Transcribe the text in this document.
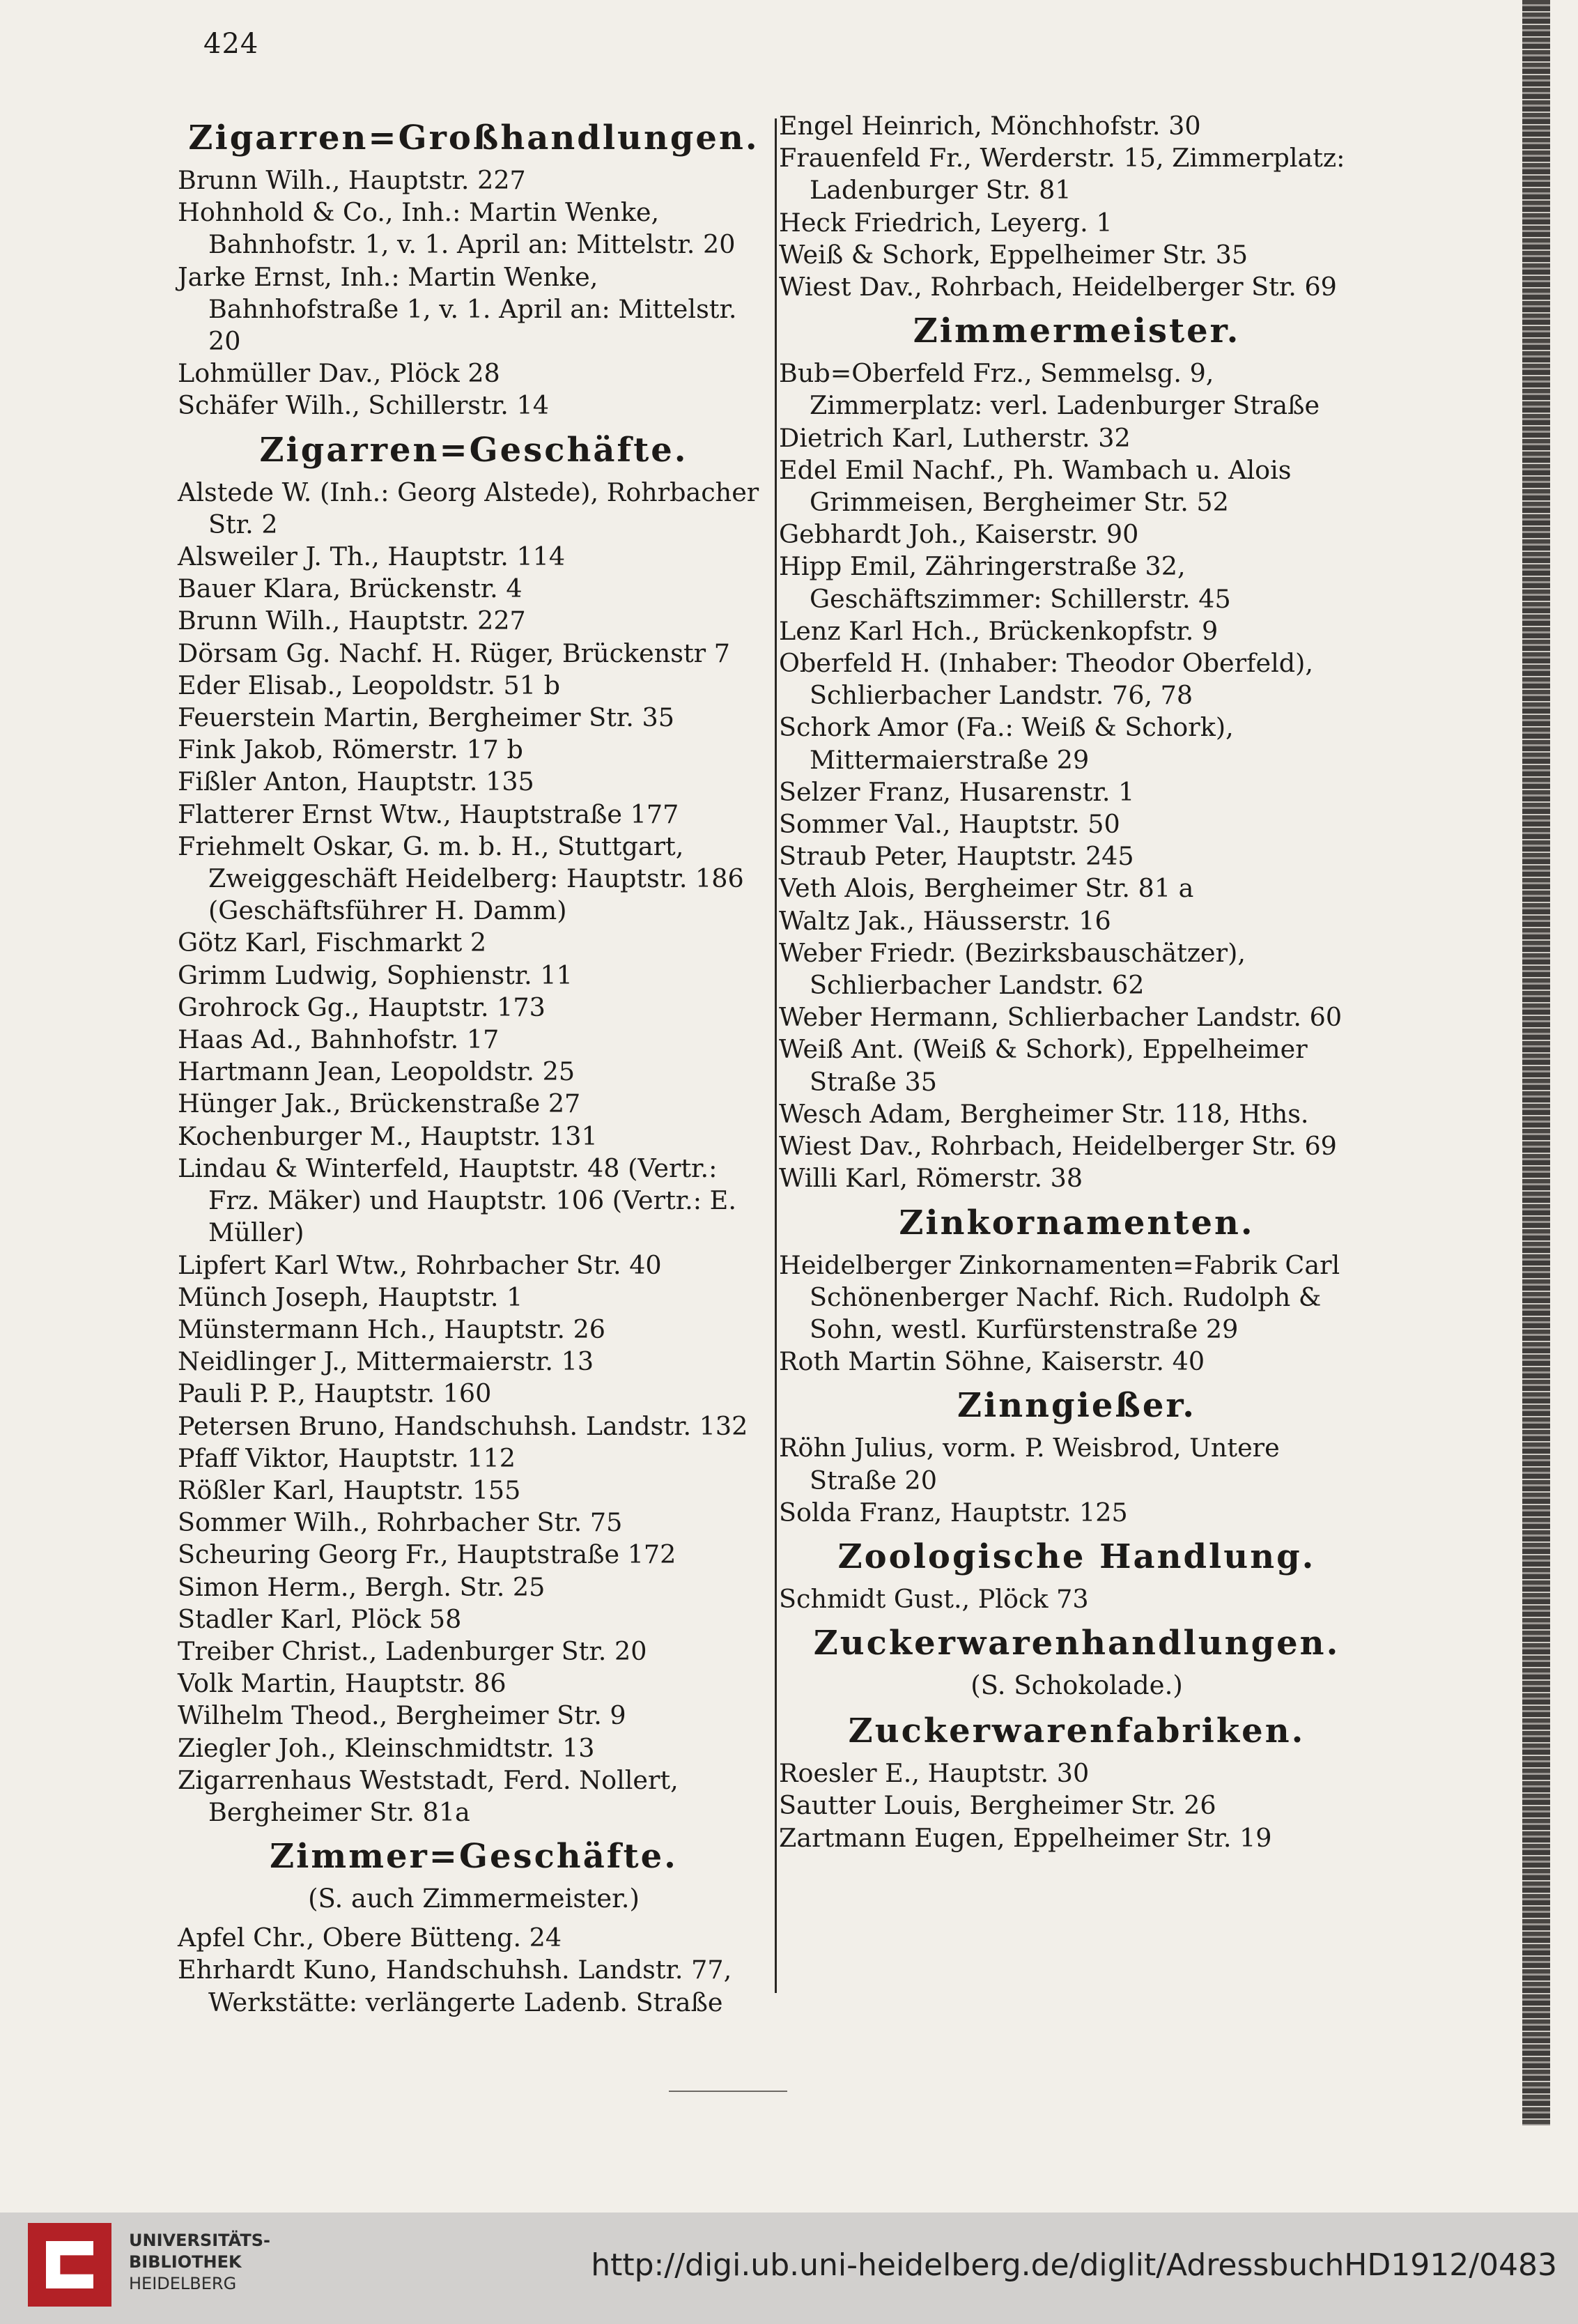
424
Zigarren=Großhandlungen.
Brunn Wilh., Hauptstr. 227
Hohnhold & Co., Inh.: Martin Wenke, Bahnhofstr. 1, v. 1. April an: Mittelstr. 20
Jarke Ernst, Inh.: Martin Wenke, Bahnhofstraße 1, v. 1. April an: Mittelstr. 20
Lohmüller Dav., Plöck 28
Schäfer Wilh., Schillerstr. 14
Zigarren=Geschäfte.
Alstede W. (Inh.: Georg Alstede), Rohrbacher Str. 2
Alsweiler J. Th., Hauptstr. 114
Bauer Klara, Brückenstr. 4
Brunn Wilh., Hauptstr. 227
Dörsam Gg. Nachf. H. Rüger, Brückenstr 7
Eder Elisab., Leopoldstr. 51 b
Feuerstein Martin, Bergheimer Str. 35
Fink Jakob, Römerstr. 17 b
Fißler Anton, Hauptstr. 135
Flatterer Ernst Wtw., Hauptstraße 177
Friehmelt Oskar, G. m. b. H., Stuttgart, Zweiggeschäft Heidelberg: Hauptstr. 186 (Geschäftsführer H. Damm)
Götz Karl, Fischmarkt 2
Grimm Ludwig, Sophienstr. 11
Grohrock Gg., Hauptstr. 173
Haas Ad., Bahnhofstr. 17
Hartmann Jean, Leopoldstr. 25
Hünger Jak., Brückenstraße 27
Kochenburger M., Hauptstr. 131
Lindau & Winterfeld, Hauptstr. 48 (Vertr.: Frz. Mäker) und Hauptstr. 106 (Vertr.: E. Müller)
Lipfert Karl Wtw., Rohrbacher Str. 40
Münch Joseph, Hauptstr. 1
Münstermann Hch., Hauptstr. 26
Neidlinger J., Mittermaierstr. 13
Pauli P. P., Hauptstr. 160
Petersen Bruno, Handschuhsh. Landstr. 132
Pfaff Viktor, Hauptstr. 112
Rößler Karl, Hauptstr. 155
Sommer Wilh., Rohrbacher Str. 75
Scheuring Georg Fr., Hauptstraße 172
Simon Herm., Bergh. Str. 25
Stadler Karl, Plöck 58
Treiber Christ., Ladenburger Str. 20
Volk Martin, Hauptstr. 86
Wilhelm Theod., Bergheimer Str. 9
Ziegler Joh., Kleinschmidtstr. 13
Zigarrenhaus Weststadt, Ferd. Nollert, Bergheimer Str. 81a
Zimmer=Geschäfte.
(S. auch Zimmermeister.)
Apfel Chr., Obere Bütteng. 24
Ehrhardt Kuno, Handschuhsh. Landstr. 77, Werkstätte: verlängerte Ladenb. Straße
Engel Heinrich, Mönchhofstr. 30
Frauenfeld Fr., Werderstr. 15, Zimmerplatz: Ladenburger Str. 81
Heck Friedrich, Leyerg. 1
Weiß & Schork, Eppelheimer Str. 35
Wiest Dav., Rohrbach, Heidelberger Str. 69
Zimmermeister.
Bub=Oberfeld Frz., Semmelsg. 9, Zimmerplatz: verl. Ladenburger Straße
Dietrich Karl, Lutherstr. 32
Edel Emil Nachf., Ph. Wambach u. Alois Grimmeisen, Bergheimer Str. 52
Gebhardt Joh., Kaiserstr. 90
Hipp Emil, Zähringerstraße 32, Geschäftszimmer: Schillerstr. 45
Lenz Karl Hch., Brückenkopfstr. 9
Oberfeld H. (Inhaber: Theodor Oberfeld), Schlierbacher Landstr. 76, 78
Schork Amor (Fa.: Weiß & Schork), Mittermaierstraße 29
Selzer Franz, Husarenstr. 1
Sommer Val., Hauptstr. 50
Straub Peter, Hauptstr. 245
Veth Alois, Bergheimer Str. 81 a
Waltz Jak., Häusserstr. 16
Weber Friedr. (Bezirksbauschätzer), Schlierbacher Landstr. 62
Weber Hermann, Schlierbacher Landstr. 60
Weiß Ant. (Weiß & Schork), Eppelheimer Straße 35
Wesch Adam, Bergheimer Str. 118, Hths.
Wiest Dav., Rohrbach, Heidelberger Str. 69
Willi Karl, Römerstr. 38
Zinkornamenten.
Heidelberger Zinkornamenten=Fabrik Carl Schönenberger Nachf. Rich. Rudolph & Sohn, westl. Kurfürstenstraße 29
Roth Martin Söhne, Kaiserstr. 40
Zinngießer.
Röhn Julius, vorm. P. Weisbrod, Untere Straße 20
Solda Franz, Hauptstr. 125
Zoologische Handlung.
Schmidt Gust., Plöck 73
Zuckerwarenhandlungen.
(S. Schokolade.)
Zuckerwarenfabriken.
Roesler E., Hauptstr. 30
Sautter Louis, Bergheimer Str. 26
Zartmann Eugen, Eppelheimer Str. 19
UNIVERSITÄTS-
BIBLIOTHEK
HEIDELBERG
http://digi.ub.uni-heidelberg.de/diglit/AdressbuchHD1912/0483
